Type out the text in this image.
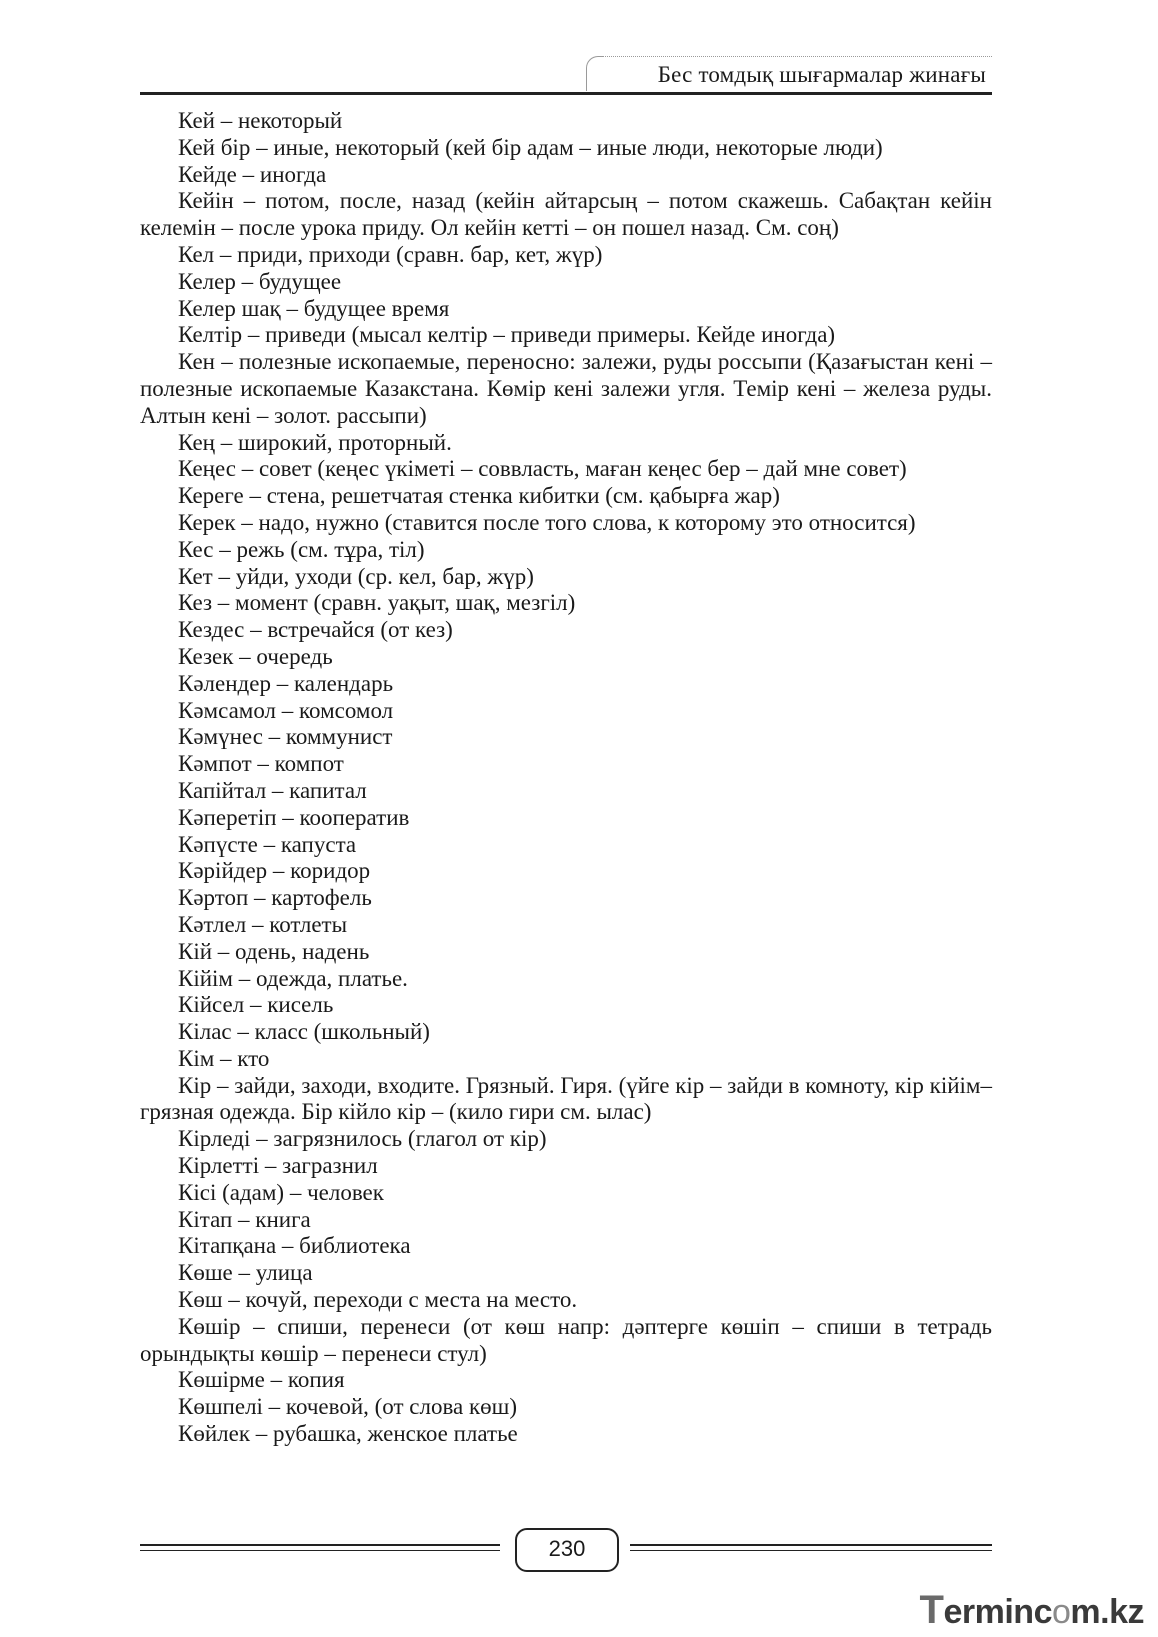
Бес томдық шығармалар жинағы

Кей – некоторый

Кей бір – иные, некоторый (кей бір адам – иные люди, некоторые люди)

Кейде – иногда

Кейін – потом, после, назад (кейін айтарсың – потом скажешь. Сабақтан кейін келемін – после урока приду. Ол кейін кетті – он пошел назад. См. соң)

Кел – приди, приходи (сравн. бар, кет, жүр)

Келер – будущее

Келер шақ – будущее время

Келтір – приведи (мысал келтір – приведи примеры. Кейде иногда)

Кен – полезные ископаемые, переносно: залежи, руды россыпи (Қазағыстан кені – полезные ископаемые Казакстана. Көмір кені залежи угля. Темір кені – железа руды. Алтын кені – золот. рассыпи)

Кең – широкий, проторный.

Кеңес – совет (кеңес үкіметі – соввласть, маған кеңес бер – дай мне совет)

Кереге – стена, решетчатая стенка кибитки (см. қабырға жар)

Керек – надо, нужно (ставится после того слова, к которому это относится)

Кес – режь (см. тұра, тіл)

Кет – уйди, уходи (ср. кел, бар, жүр)

Кез – момент (сравн. уақыт, шақ, мезгіл)

Кездес – встречайся (от кез)

Кезек – очередь

Кәлендер – календарь

Кәмсамол – комсомол

Кәмүнес – коммунист

Кәмпот – компот

Капійтал – капитал

Кәперетіп – кооператив

Кәпүсте – капуста

Кәрійдер – коридор

Кәртоп – картофель

Кәтлел – котлеты

Кій – одень, надень

Кійім – одежда, платье.

Кійсел – кисель

Кілас – класс (школьный)

Кім – кто

Кір – зайди, заходи, входите. Грязный. Гиря. (үйге кір – зайди в комноту, кір кійім– грязная одежда. Бір кійло кір – (кило гири см. ылас)

Кірледі – загрязнилось (глагол от кір)

Кірлетті – загразнил

Кісі (адам) – человек

Кітап – книга

Кітапқана – библиотека

Көше – улица

Көш – кочуй, переходи с места на место.

Көшір – спиши, перенеси (от көш напр: дәптерге көшіп – спиши в тетрадь орындықты көшір – перенеси стул)

Көшірме – копия

Көшпелі – кочевой, (от слова көш)

Көйлек – рубашка, женское платье

230
Termincom.kz
